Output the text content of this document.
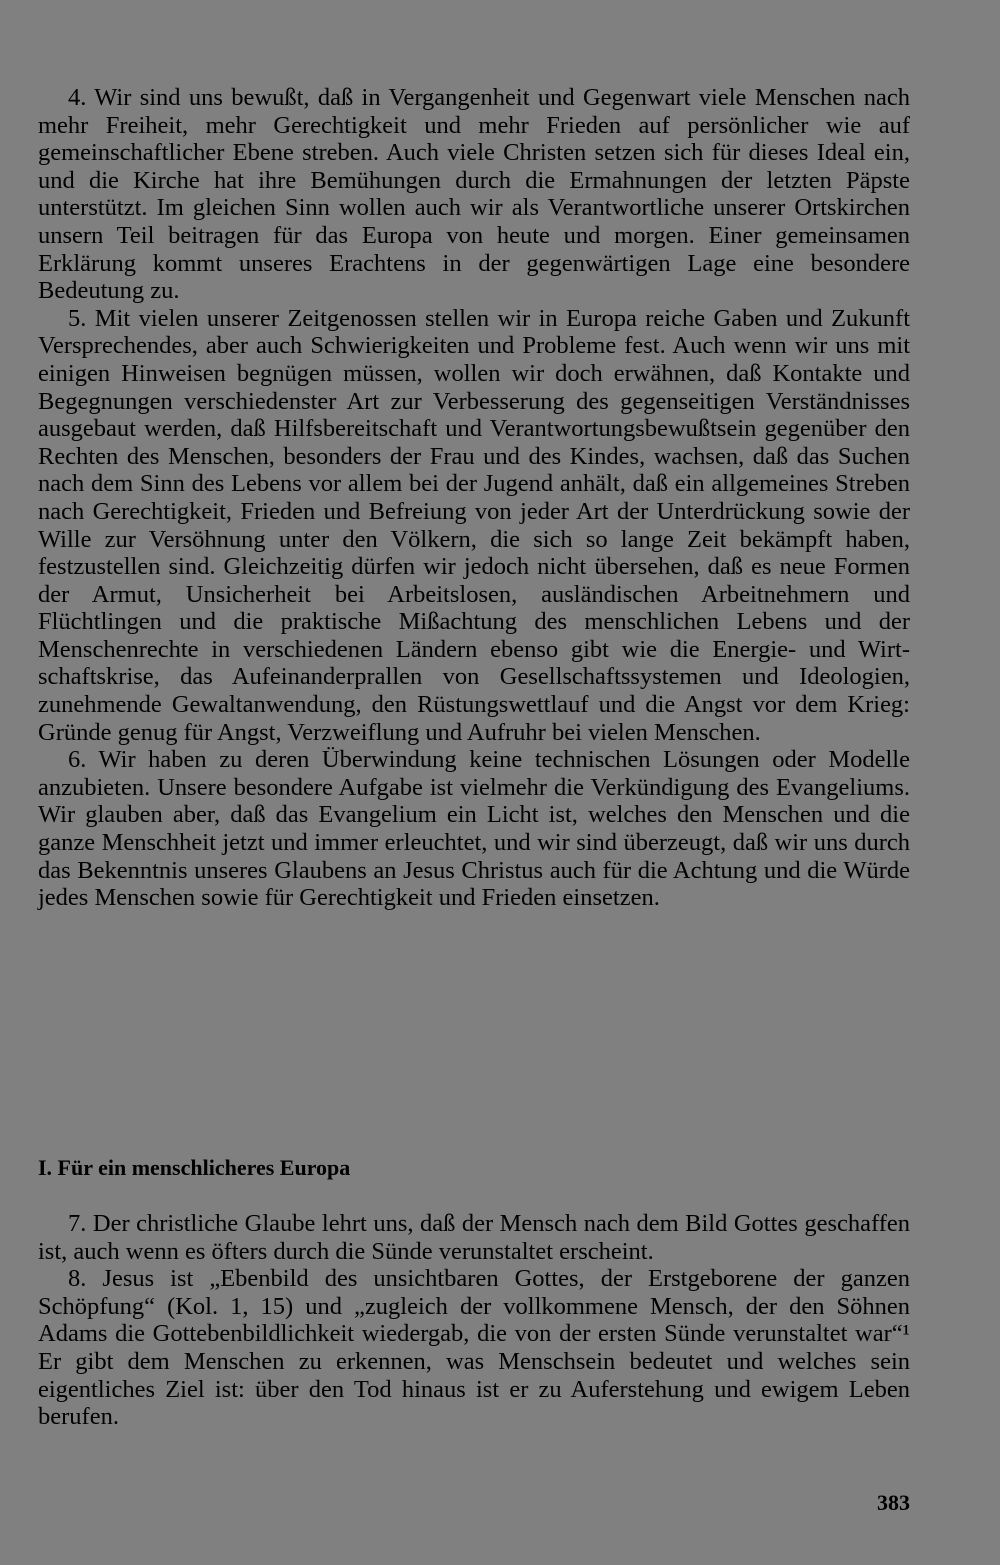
4. Wir sind uns bewußt, daß in Vergangenheit und Gegenwart viele Menschen nach mehr Freiheit, mehr Gerechtigkeit und mehr Frieden auf persönlicher wie auf gemeinschaftlicher Ebene streben. Auch viele Christen setzen sich für dieses Ideal ein, und die Kirche hat ihre Bemühungen durch die Ermahnungen der letzten Päpste unterstützt. Im gleichen Sinn wollen auch wir als Verantwortliche unserer Ortskirchen unsern Teil beitragen für das Europa von heute und morgen. Einer gemeinsamen Erklärung kommt unseres Erachtens in der gegenwärtigen Lage eine besondere Bedeutung zu.

5. Mit vielen unserer Zeitgenossen stellen wir in Europa reiche Gaben und Zukunft Versprechendes, aber auch Schwierigkeiten und Probleme fest. Auch wenn wir uns mit einigen Hinweisen begnügen müssen, wollen wir doch erwähnen, daß Kontakte und Begegnungen verschiedenster Art zur Verbesserung des gegenseitigen Verständnisses ausgebaut werden, daß Hilfsbereitschaft und Verantwortungsbewußtsein gegenüber den Rechten des Menschen, besonders der Frau und des Kindes, wachsen, daß das Suchen nach dem Sinn des Lebens vor allem bei der Jugend anhält, daß ein allgemeines Streben nach Gerechtigkeit, Frieden und Befreiung von jeder Art der Unterdrückung sowie der Wille zur Versöhnung unter den Völkern, die sich so lange Zeit bekämpft haben, festzustellen sind. Gleichzeitig dürfen wir jedoch nicht übersehen, daß es neue Formen der Armut, Unsicherheit bei Arbeitslosen, ausländischen Arbeitnehmern und Flüchtlingen und die praktische Mißachtung des menschlichen Lebens und der Menschenrechte in verschiedenen Ländern ebenso gibt wie die Energie- und Wirtschaftskrise, das Aufeinanderprallen von Gesellschaftssystemen und Ideologien, zunehmende Gewaltanwendung, den Rüstungswettlauf und die Angst vor dem Krieg: Gründe genug für Angst, Verzweiflung und Aufruhr bei vielen Menschen.

6. Wir haben zu deren Überwindung keine technischen Lösungen oder Modelle anzubieten. Unsere besondere Aufgabe ist vielmehr die Verkündigung des Evangeliums. Wir glauben aber, daß das Evangelium ein Licht ist, welches den Menschen und die ganze Menschheit jetzt und immer erleuchtet, und wir sind überzeugt, daß wir uns durch das Bekenntnis unseres Glaubens an Jesus Christus auch für die Achtung und die Würde jedes Menschen sowie für Gerechtigkeit und Frieden einsetzen.

I. Für ein menschlicheres Europa

7. Der christliche Glaube lehrt uns, daß der Mensch nach dem Bild Gottes geschaffen ist, auch wenn es öfters durch die Sünde verunstaltet erscheint.

8. Jesus ist „Ebenbild des unsichtbaren Gottes, der Erstgeborene der ganzen Schöpfung“ (Kol. 1, 15) und „zugleich der vollkommene Mensch, der den Söhnen Adams die Gottebenbildlichkeit wiedergab, die von der ersten Sünde verunstaltet war“¹ Er gibt dem Menschen zu erkennen, was Menschsein bedeutet und welches sein eigentliches Ziel ist: über den Tod hinaus ist er zu Auferstehung und ewigem Leben berufen.

383
